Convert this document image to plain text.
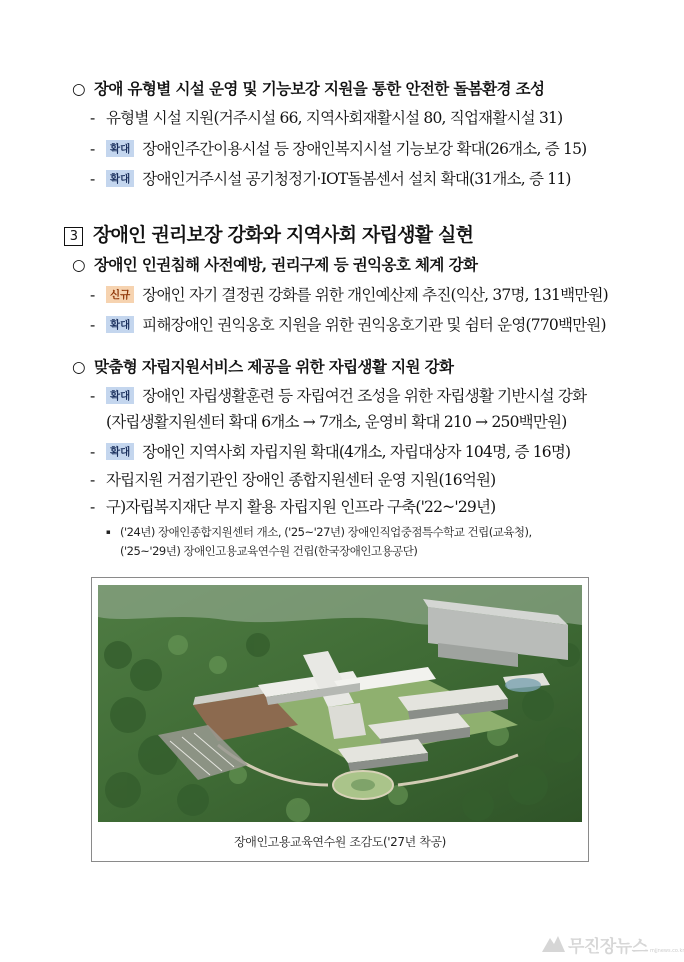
○ 장애 유형별 시설 운영 및 기능보강 지원을 통한 안전한 돌봄환경 조성
- 유형별 시설 지원(거주시설 66, 지역사회재활시설 80, 직업재활시설 31)
- 확대 장애인주간이용시설 등 장애인복지시설 기능보강 확대(26개소, 증 15)
- 확대 장애인거주시설 공기청정기·IOT돌봄센서 설치 확대(31개소, 증 11)
3 장애인 권리보장 강화와 지역사회 자립생활 실현
○ 장애인 인권침해 사전예방, 권리구제 등 권익옹호 체계 강화
- 신규 장애인 자기 결정권 강화를 위한 개인예산제 추진(익산, 37명, 131백만원)
- 확대 피해장애인 권익옹호 지원을 위한 권익옹호기관 및 쉼터 운영(770백만원)
○ 맞춤형 자립지원서비스 제공을 위한 자립생활 지원 강화
- 확대 장애인 자립생활훈련 등 자립여건 조성을 위한 자립생활 기반시설 강화
(자립생활지원센터 확대 6개소 → 7개소, 운영비 확대 210 → 250백만원)
- 확대 장애인 지역사회 자립지원 확대(4개소, 자립대상자 104명, 증 16명)
- 자립지원 거점기관인 장애인 종합지원센터 운영 지원(16억원)
- 구)자립복지재단 부지 활용 자립지원 인프라 구축('22~'29년)
▪ ('24년) 장애인종합지원센터 개소, ('25~'27년) 장애인직업중점특수학교 건립(교육청),
('25~'29년) 장애인고용교육연수원 건립(한국장애인고용공단)
장애인고용교육연수원 조감도('27년 착공)
무진장뉴스 mjjnews.co.kr
